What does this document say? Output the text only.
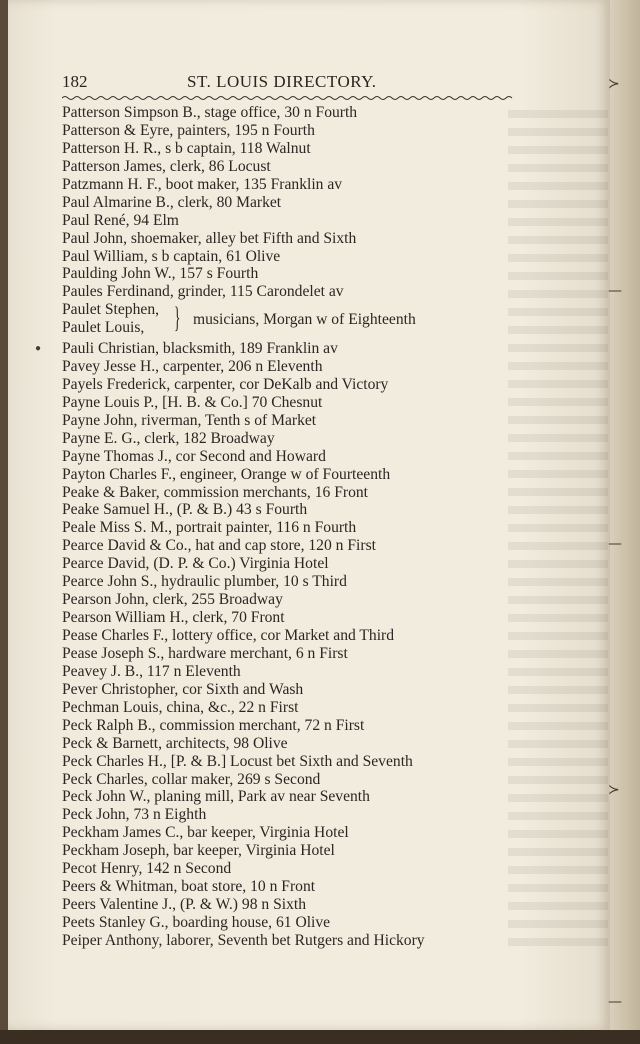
≻
—
—
≻
—
182	ST. LOUIS DIRECTORY.
Patterson Simpson B., stage office, 30 n Fourth
Patterson & Eyre, painters, 195 n Fourth
Patterson H. R., s b captain, 118 Walnut
Patterson James, clerk, 86 Locust
Patzmann H. F., boot maker, 135 Franklin av
Paul Almarine B., clerk, 80 Market
Paul René, 94 Elm
Paul John, shoemaker, alley bet Fifth and Sixth
Paul William, s b captain, 61 Olive
Paulding John W., 157 s Fourth
Paules Ferdinand, grinder, 115 Carondelet av
Paulet Stephen,
Paulet Louis, } musicians, Morgan w of Eighteenth
● Pauli Christian, blacksmith, 189 Franklin av
Pavey Jesse H., carpenter, 206 n Eleventh
Payels Frederick, carpenter, cor DeKalb and Victory
Payne Louis P., [H. B. & Co.] 70 Chesnut
Payne John, riverman, Tenth s of Market
Payne E. G., clerk, 182 Broadway
Payne Thomas J., cor Second and Howard
Payton Charles F., engineer, Orange w of Fourteenth
Peake & Baker, commission merchants, 16 Front
Peake Samuel H., (P. & B.) 43 s Fourth
Peale Miss S. M., portrait painter, 116 n Fourth
Pearce David & Co., hat and cap store, 120 n First
Pearce David, (D. P. & Co.) Virginia Hotel
Pearce John S., hydraulic plumber, 10 s Third
Pearson John, clerk, 255 Broadway
Pearson William H., clerk, 70 Front
Pease Charles F., lottery office, cor Market and Third
Pease Joseph S., hardware merchant, 6 n First
Peavey J. B., 117 n Eleventh
Pever Christopher, cor Sixth and Wash
Pechman Louis, china, &c., 22 n First
Peck Ralph B., commission merchant, 72 n First
Peck & Barnett, architects, 98 Olive
Peck Charles H., [P. & B.] Locust bet Sixth and Seventh
Peck Charles, collar maker, 269 s Second
Peck John W., planing mill, Park av near Seventh
Peck John, 73 n Eighth
Peckham James C., bar keeper, Virginia Hotel
Peckham Joseph, bar keeper, Virginia Hotel
Pecot Henry, 142 n Second
Peers & Whitman, boat store, 10 n Front
Peers Valentine J., (P. & W.) 98 n Sixth
Peets Stanley G., boarding house, 61 Olive
Peiper Anthony, laborer, Seventh bet Rutgers and Hickory
